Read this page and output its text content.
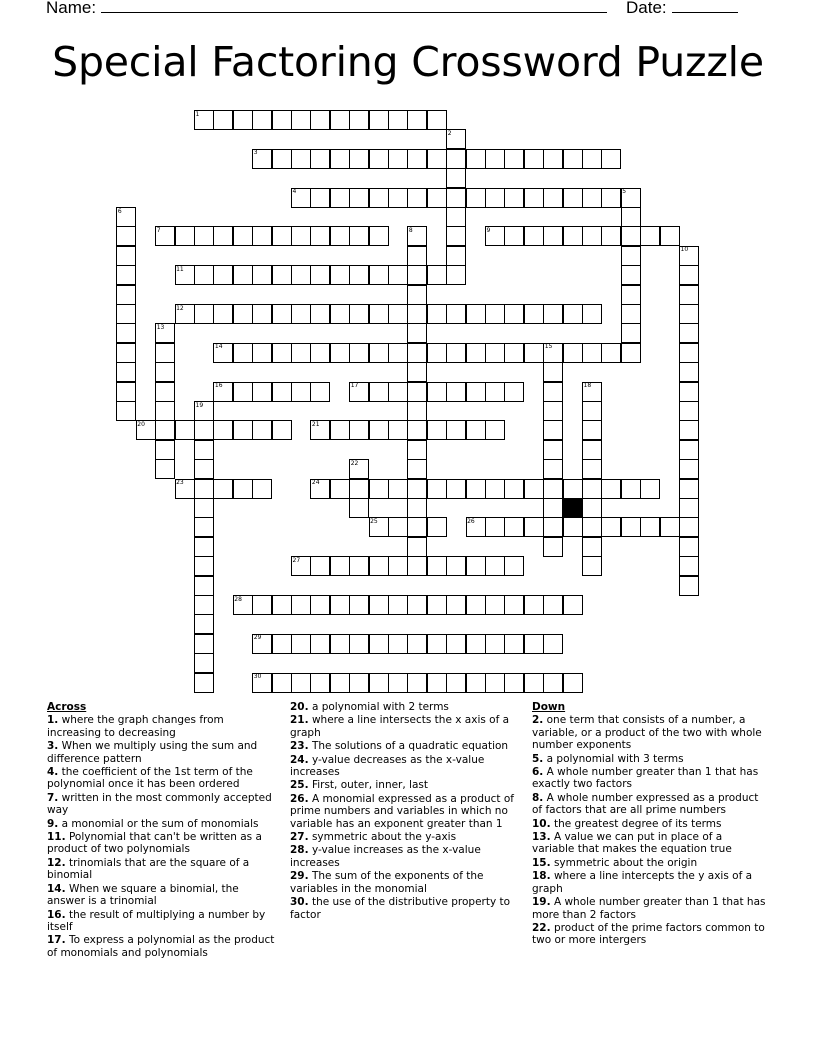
Name:	Date:
Special Factoring Crossword Puzzle
1
3
4	5
7	9
11
12
14	15
16	17
20	21
23	24
25	26
27
28
29
30
2
6
8
10
13
18
19
22
Across
1. where the graph changes from increasing to decreasing
3. When we multiply using the sum and difference pattern
4. the coefficient of the 1st term of the polynomial once it has been ordered
7. written in the most commonly accepted way
9. a monomial or the sum of monomials
11. Polynomial that can't be written as a product of two polynomials
12. trinomials that are the square of a binomial
14. When we square a binomial, the answer is a trinomial
16. the result of multiplying a number by itself
17. To express a polynomial as the product of monomials and polynomials
20. a polynomial with 2 terms
21. where a line intersects the x axis of a graph
23. The solutions of a quadratic equation
24. y-value decreases as the x-value increases
25. First, outer, inner, last
26. A monomial expressed as a product of prime numbers and variables in which no variable has an exponent greater than 1
27. symmetric about the y-axis
28. y-value increases as the x-value increases
29. The sum of the exponents of the variables in the monomial
30. the use of the distributive property to factor
Down
2. one term that consists of a number, a variable, or a product of the two with whole number exponents
5. a polynomial with 3 terms
6. A whole number greater than 1 that has exactly two factors
8. A whole number expressed as a product of factors that are all prime numbers
10. the greatest degree of its terms
13. A value we can put in place of a variable that makes the equation true
15. symmetric about the origin
18. where a line intercepts the y axis of a graph
19. A whole number greater than 1 that has more than 2 factors
22. product of the prime factors common to two or more intergers
